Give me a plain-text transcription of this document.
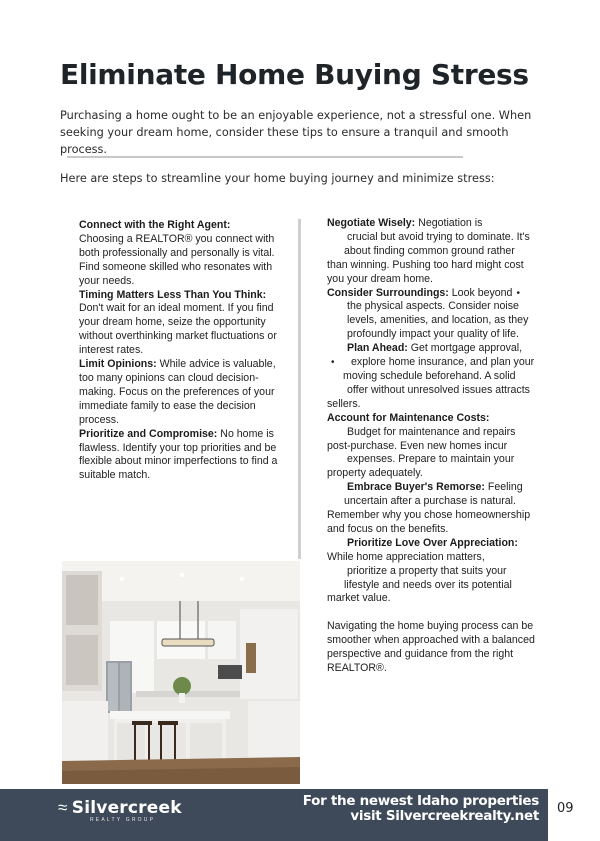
Eliminate Home Buying Stress

Purchasing a home ought to be an enjoyable experience, not a stressful one. When seeking your dream home, consider these tips to ensure a tranquil and smooth process.

Here are steps to streamline your home buying journey and minimize stress:

Connect with the Right Agent:
Choosing a REALTOR® you connect with both professionally and personally is vital. Find someone skilled who resonates with your needs.

Timing Matters Less Than You Think:
Don't wait for an ideal moment. If you find your dream home, seize the opportunity without overthinking market fluctuations or interest rates.

Limit Opinions: While advice is valuable, too many opinions can cloud decision-making. Focus on the preferences of your immediate family to ease the decision process.

Prioritize and Compromise: No home is flawless. Identify your top priorities and be flexible about minor imperfections to find a suitable match.

Negotiate Wisely: Negotiation is
crucial but avoid trying to dominate. It's
about finding common ground rather
than winning. Pushing too hard might cost you your dream home.
Consider Surroundings: Look beyond
• the physical aspects. Consider noise levels, amenities, and location, as they profoundly impact your quality of life.
Plan Ahead: Get mortgage approval,
• explore home insurance, and plan your
moving schedule beforehand. A solid
offer without unresolved issues attracts
sellers.
Account for Maintenance Costs:
Budget for maintenance and repairs
post-purchase. Even new homes incur
expenses. Prepare to maintain your
property adequately.
Embrace Buyer's Remorse: Feeling
uncertain after a purchase is natural.
Remember why you chose homeownership and focus on the benefits.
Prioritize Love Over Appreciation:
While home appreciation matters,
prioritize a property that suits your
lifestyle and needs over its potential
market value.

Navigating the home buying process can be smoother when approached with a balanced perspective and guidance from the right REALTOR®.

≈ Silvercreek
REALTY GROUP
For the newest Idaho properties
visit Silvercreekrealty.net 09
